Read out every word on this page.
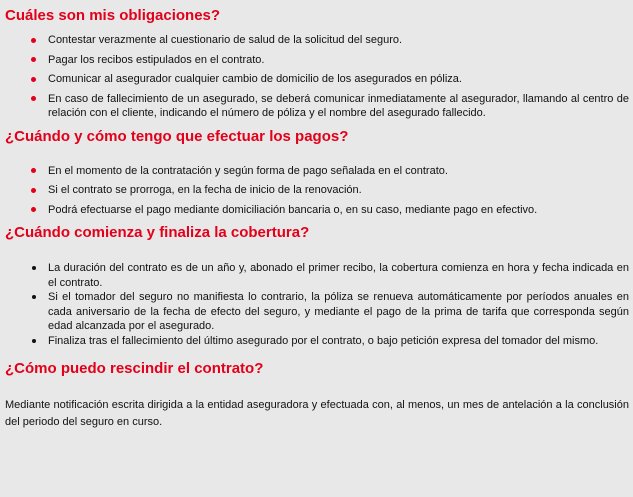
Cuáles son mis obligaciones?
Contestar verazmente al cuestionario de salud de la solicitud del seguro.
Pagar los recibos estipulados en el contrato.
Comunicar al asegurador cualquier cambio de domicilio de los asegurados en póliza.
En caso de fallecimiento de un asegurado, se deberá comunicar inmediatamente al asegurador, llamando al centro de relación con el cliente, indicando el número de póliza y el nombre del asegurado fallecido.
¿Cuándo y cómo tengo que efectuar los pagos?
En el momento de la contratación y según forma de pago señalada en el contrato.
Si el contrato se prorroga, en la fecha de inicio de la renovación.
Podrá efectuarse el pago mediante domiciliación bancaria o, en su caso, mediante pago en efectivo.
¿Cuándo comienza y finaliza la cobertura?
La duración del contrato es de un año y, abonado el primer recibo, la cobertura comienza en hora y fecha indicada en el contrato.
Si el tomador del seguro no manifiesta lo contrario, la póliza se renueva automáticamente por períodos anuales en cada aniversario de la fecha de efecto del seguro, y mediante el pago de la prima de tarifa que corresponda según edad alcanzada por el asegurado.
Finaliza tras el fallecimiento del último asegurado por el contrato, o bajo petición expresa del tomador del mismo.
¿Cómo puedo rescindir el contrato?

Mediante notificación escrita dirigida a la entidad aseguradora y efectuada con, al menos, un mes de antelación a la conclusión del periodo del seguro en curso.
